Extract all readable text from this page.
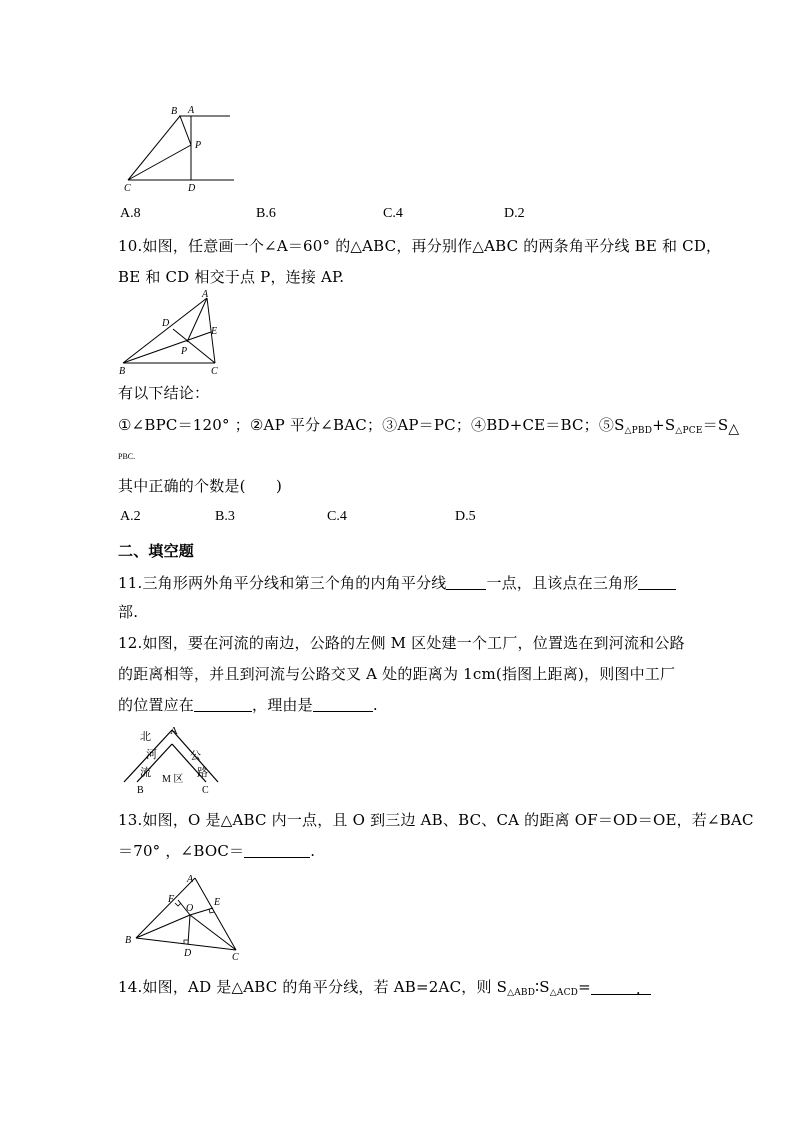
B A
P
C	D
A.8	B.6	C.4	D.2
10.如图，任意画一个∠A＝60° 的△ABC，再分别作△ABC 的两条角平分线 BE 和 CD，
BE 和 CD 相交于点 P，连接 AP.
A
D
E
P
B	C
有以下结论：
①∠BPC＝120° ；②AP 平分∠BAC；③AP＝PC；④BD+CE＝BC；$⑤S_{\triangle PBD}+S_{\triangle PCE}=S_\triangle$
PBC.
其中正确的个数是(　　)
A.2	B.3	C.4	D.5
二、填空题
11.三角形两外角平分线和第三个角的内角平分线	一点，且该点在三角形
部.
12.如图，要在河流的南边，公路的左侧 M 区处建一个工厂，位置选在到河流和公路
的距离相等，并且到河流与公路交叉 A 处的距离为 1cm(指图上距离)，则图中工厂
的位置应在	，理由是	.
北 A
河
流
公
路
M 区
B	C
13.如图，O 是△ABC 内一点，且 O 到三边 AB、BC、CA 的距离 OF＝OD＝OE，若∠BAC
＝70° ，∠BOC＝	.
A
F	E
O
B
D	C
14.如图，AD 是△ABC 的角平分线，若 AB=2AC，则 $S_{\triangle ABD}∶S_{\triangle ACD}=$	.
